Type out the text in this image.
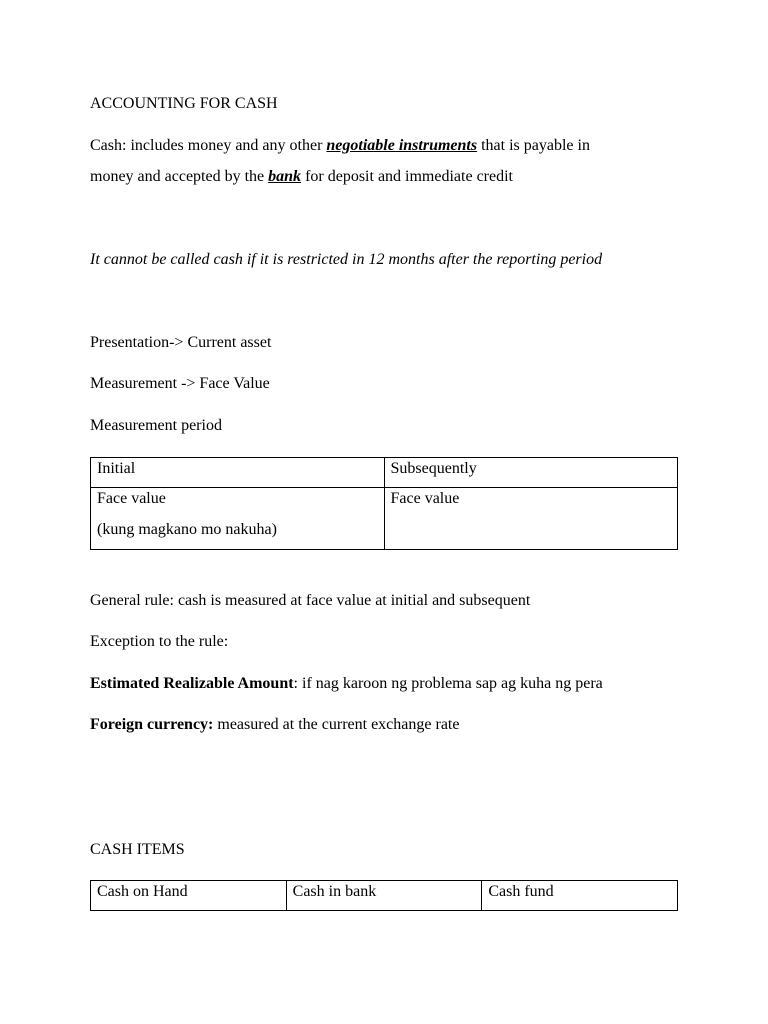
ACCOUNTING FOR CASH
Cash: includes money and any other negotiable instruments that is payable in
money and accepted by the bank for deposit and immediate credit
It cannot be called cash if it is restricted in 12 months after the reporting period
Presentation-> Current asset
Measurement -> Face Value
Measurement period
Initial	Subsequently

Face value
(kung magkano mo nakuha)	Face value
General rule: cash is measured at face value at initial and subsequent
Exception to the rule:
Estimated Realizable Amount: if nag karoon ng problema sap ag kuha ng pera
Foreign currency: measured at the current exchange rate
CASH ITEMS
Cash on Hand	Cash in bank	Cash fund
